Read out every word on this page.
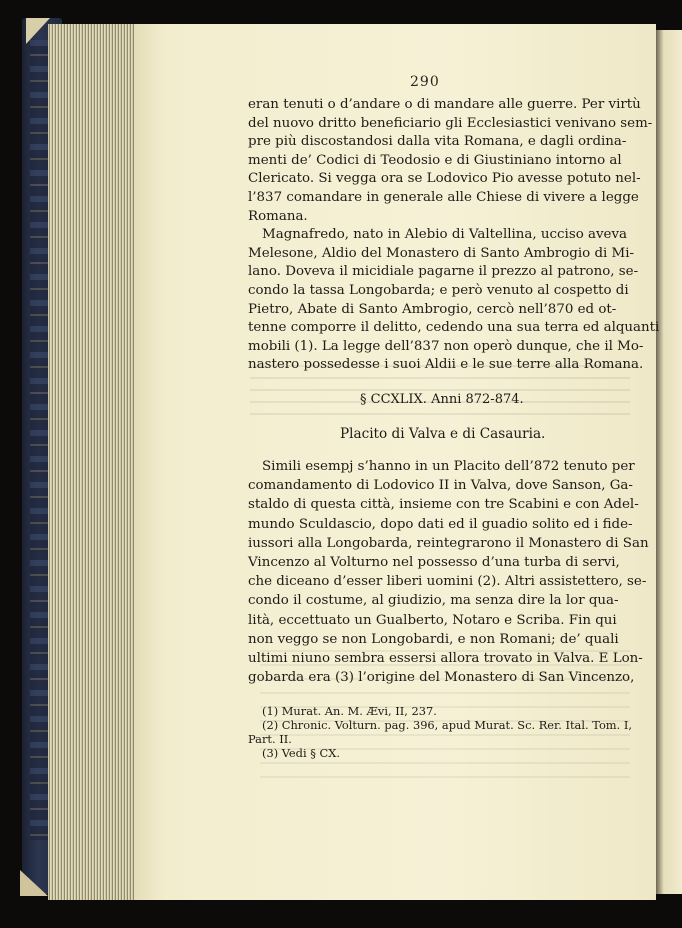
290
eran tenuti o d’andare o di mandare alle guerre. Per virtù
del nuovo dritto beneficiario gli Ecclesiastici venivano sem-
pre più discostandosi dalla vita Romana, e dagli ordina-
menti de’ Codici di Teodosio e di Giustiniano intorno al
Clericato. Si vegga ora se Lodovico Pio avesse potuto nel-
l’837 comandare in generale alle Chiese di vivere a legge
Romana.
Magnafredo, nato in Alebio di Valtellina, ucciso aveva
Melesone, Aldio del Monastero di Santo Ambrogio di Mi-
lano. Doveva il micidiale pagarne il prezzo al patrono, se-
condo la tassa Longobarda; e però venuto al cospetto di
Pietro, Abate di Santo Ambrogio, cercò nell’870 ed ot-
tenne comporre il delitto, cedendo una sua terra ed alquanti
mobili (1). La legge dell’837 non operò dunque, che il Mo-
nastero possedesse i suoi Aldii e le sue terre alla Romana.
§ CCXLIX. Anni 872-874.
Placito di Valva e di Casauria.
Simili esempj s’hanno in un Placito dell’872 tenuto per
comandamento di Lodovico II in Valva, dove Sanson, Ga-
staldo di questa città, insieme con tre Scabini e con Adel-
mundo Sculdascio, dopo dati ed il guadio solito ed i fide-
iussori alla Longobarda, reintegrarono il Monastero di San
Vincenzo al Volturno nel possesso d’una turba di servi,
che diceano d’esser liberi uomini (2). Altri assistettero, se-
condo il costume, al giudizio, ma senza dire la lor qua-
lità, eccettuato un Gualberto, Notaro e Scriba. Fin qui
non veggo se non Longobardi, e non Romani; de’ quali
ultimi niuno sembra essersi allora trovato in Valva. E Lon-
gobarda era (3) l’origine del Monastero di San Vincenzo,
(1) Murat. An. M. Ævi, II, 237.
(2) Chronic. Volturn. pag. 396, apud Murat. Sc. Rer. Ital. Tom. I,
Part. II.
(3) Vedi § CX.
